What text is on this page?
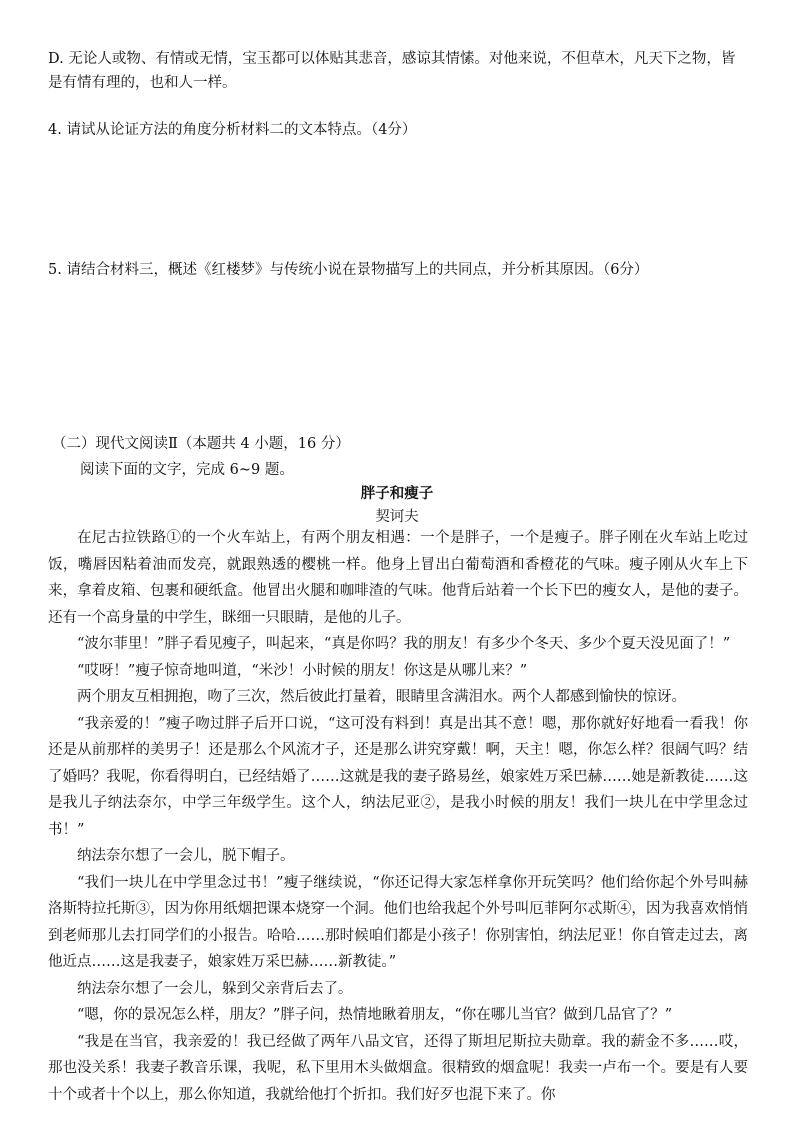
D. 无论人或物、有情或无情，宝玉都可以体贴其悲音，感谅其情愫。对他来说，不但草木，凡天下之物，皆是有情有理的，也和人一样。
4. 请试从论证方法的角度分析材料二的文本特点。（4分）
5. 请结合材料三，概述《红楼梦》与传统小说在景物描写上的共同点，并分析其原因。（6分）
（二）现代文阅读Ⅱ（本题共 4 小题，16 分）
阅读下面的文字，完成 6~9 题。
胖子和瘦子
契诃夫

在尼古拉铁路①的一个火车站上，有两个朋友相遇：一个是胖子，一个是瘦子。胖子刚在火车站上吃过饭，嘴唇因粘着油而发亮，就跟熟透的樱桃一样。他身上冒出白葡萄酒和香橙花的气味。瘦子刚从火车上下来，拿着皮箱、包裹和硬纸盒。他冒出火腿和咖啡渣的气味。他背后站着一个长下巴的瘦女人，是他的妻子。还有一个高身量的中学生，眯细一只眼睛，是他的儿子。

“波尔菲里！”胖子看见瘦子，叫起来，“真是你吗？我的朋友！有多少个冬天、多少个夏天没见面了！”

“哎呀！”瘦子惊奇地叫道，“米沙！小时候的朋友！你这是从哪儿来？”

两个朋友互相拥抱，吻了三次，然后彼此打量着，眼睛里含满泪水。两个人都感到愉快的惊讶。

“我亲爱的！”瘦子吻过胖子后开口说，“这可没有料到！真是出其不意！嗯，那你就好好地看一看我！你还是从前那样的美男子！还是那么个风流才子，还是那么讲究穿戴！啊，天主！嗯，你怎么样？很阔气吗？结了婚吗？我呢，你看得明白，已经结婚了……这就是我的妻子路易丝，娘家姓万采巴赫……她是新教徒……这是我儿子纳法奈尔，中学三年级学生。这个人，纳法尼亚②，是我小时候的朋友！我们一块儿在中学里念过书！”

纳法奈尔想了一会儿，脱下帽子。

“我们一块儿在中学里念过书！”瘦子继续说，“你还记得大家怎样拿你开玩笑吗？他们给你起个外号叫赫洛斯特拉托斯③，因为你用纸烟把课本烧穿一个洞。他们也给我起个外号叫厄菲阿尔忒斯④，因为我喜欢悄悄到老师那儿去打同学们的小报告。哈哈……那时候咱们都是小孩子！你别害怕，纳法尼亚！你自管走过去，离他近点……这是我妻子，娘家姓万采巴赫……新教徒。”

纳法奈尔想了一会儿，躲到父亲背后去了。

“嗯，你的景况怎么样，朋友？”胖子问，热情地瞅着朋友，“你在哪儿当官？做到几品官了？”

“我是在当官，我亲爱的！我已经做了两年八品文官，还得了斯坦尼斯拉夫勋章。我的薪金不多……哎，那也没关系！我妻子教音乐课，我呢，私下里用木头做烟盒。很精致的烟盒呢！我卖一卢布一个。要是有人要十个或者十个以上，那么你知道，我就给他打个折扣。我们好歹也混下来了。你
